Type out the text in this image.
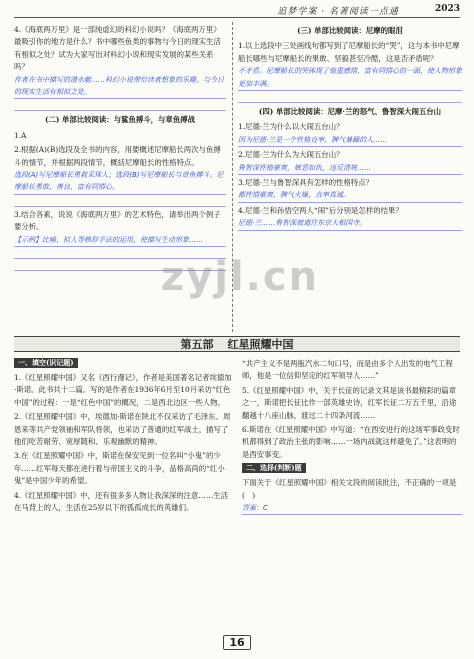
追梦学案 · 名著阅读一点通	2023
4.《海底两万里》是一部纯虚幻的科幻小说吗？《海底两万里》最吸引你的地方是什么？书中哪些鱼类的事物与今日的现实生活有相似之处？试为大家写出对科幻小说和现实发展的某些关系吗？
作者在书中描写的潜水艇……科幻小说带给读者想象的乐趣，与今日的现实生活有相似之处。
(二) 单部比较阅读：与鲨鱼搏斗，与章鱼搏战
1.A
2.根据(A)(B)选段及全书的内容，用要概述尼摩船长两次与鱼搏斗的情节，并根据两段情节，概括尼摩船长的性格特点。
选段(A)写尼摩船长勇救采珠人；选段(B)写尼摩船长与章鱼搏斗。尼摩船长勇敢、善良、富有同情心。
3.结合各素，说说《海底两万里》的艺术特色，请举出两个例子要分析。
【示例】比喻、拟人等修辞手法的运用，使描写生动形象……
(三) 单部比较阅读：尼摩的眼泪
1.以上选段中三处画线句都写到了尼摩船长的“哭”，这与本书中尼摩船长哪些与尼摩船长的果敢、坚毅甚至冷酷，这是否矛盾呢？
不矛盾。尼摩船长的哭体现了他重感情、富有同情心的一面，使人物形象更加丰满。
(四) 单部比较阅读：尼摩·兰的怒气、鲁智深大闹五台山
1.尼德·兰为什么以大闹五台山？
因为尼德·兰是一个性格直率、脾气暴躁的人……
2.尼德·兰为什么为大闹五台山？
鲁智深性格豪爽，嫉恶如仇，违反清规……
3.尼德·兰与鲁智深具有怎样的性格特点？
都性情豪爽、脾气火爆、直率真诚。
4.尼德·兰和孙悟空两人“闹”后分别是怎样的结果？
尼德·兰……鲁智深被遣往东京大相国寺。
zyjl.cn
第五部 红星照耀中国
一、填空(识记题)
1.《红星照耀中国》又名《西行漫记》，作者是美国著名记者埃德加·斯诺。此书共十二篇。写的是作者在1936年6月至10月采访“红色中国”的过程：一是“红色中国”的概况，二是西北边区一些人物。
2.《红星照耀中国》中，埃德加·斯诺在陕北不仅采访了毛泽东、周恩来等共产党领袖和军队将领，也采访了普通的红军战士，描写了他们吃苦耐劳、宽厚随和、乐观幽默的精神。
3.在《红星照耀中国》中，斯诺在保安见到一位名叫“小鬼”的少年……红军每天都在进行着与帝国主义的斗争，品格高尚的“红小鬼”是中国少年的希望。
4.《红星照耀中国》中，还有很多多人物让我深深的注意……生活在马背上的人，生活在25岁以下的孤孤成长的英雄们。
“共产主义不是两瓶汽水二句口号，而是由多个人出发的电气工程师，他是一位信仰坚定的红军领导人……”
5.《红星照耀中国》中，关于长征的记录文其是该书最精彩的篇章之一，斯诺把长征比作一部英雄史诗，红军长征二万五千里，沿途翻越十八座山脉，渡过二十四条河流……
6.斯诺在《红星照耀中国》中写道：“在西安进行的这场军事政变时机都得到了政治主张的影响……一场内战就这样避免了。”这表明的是西安事变。
二、选择(判断)题
下面关于《红星照耀中国》相关文段的阅读批注，不正确的一项是(　)
答案：C
16
